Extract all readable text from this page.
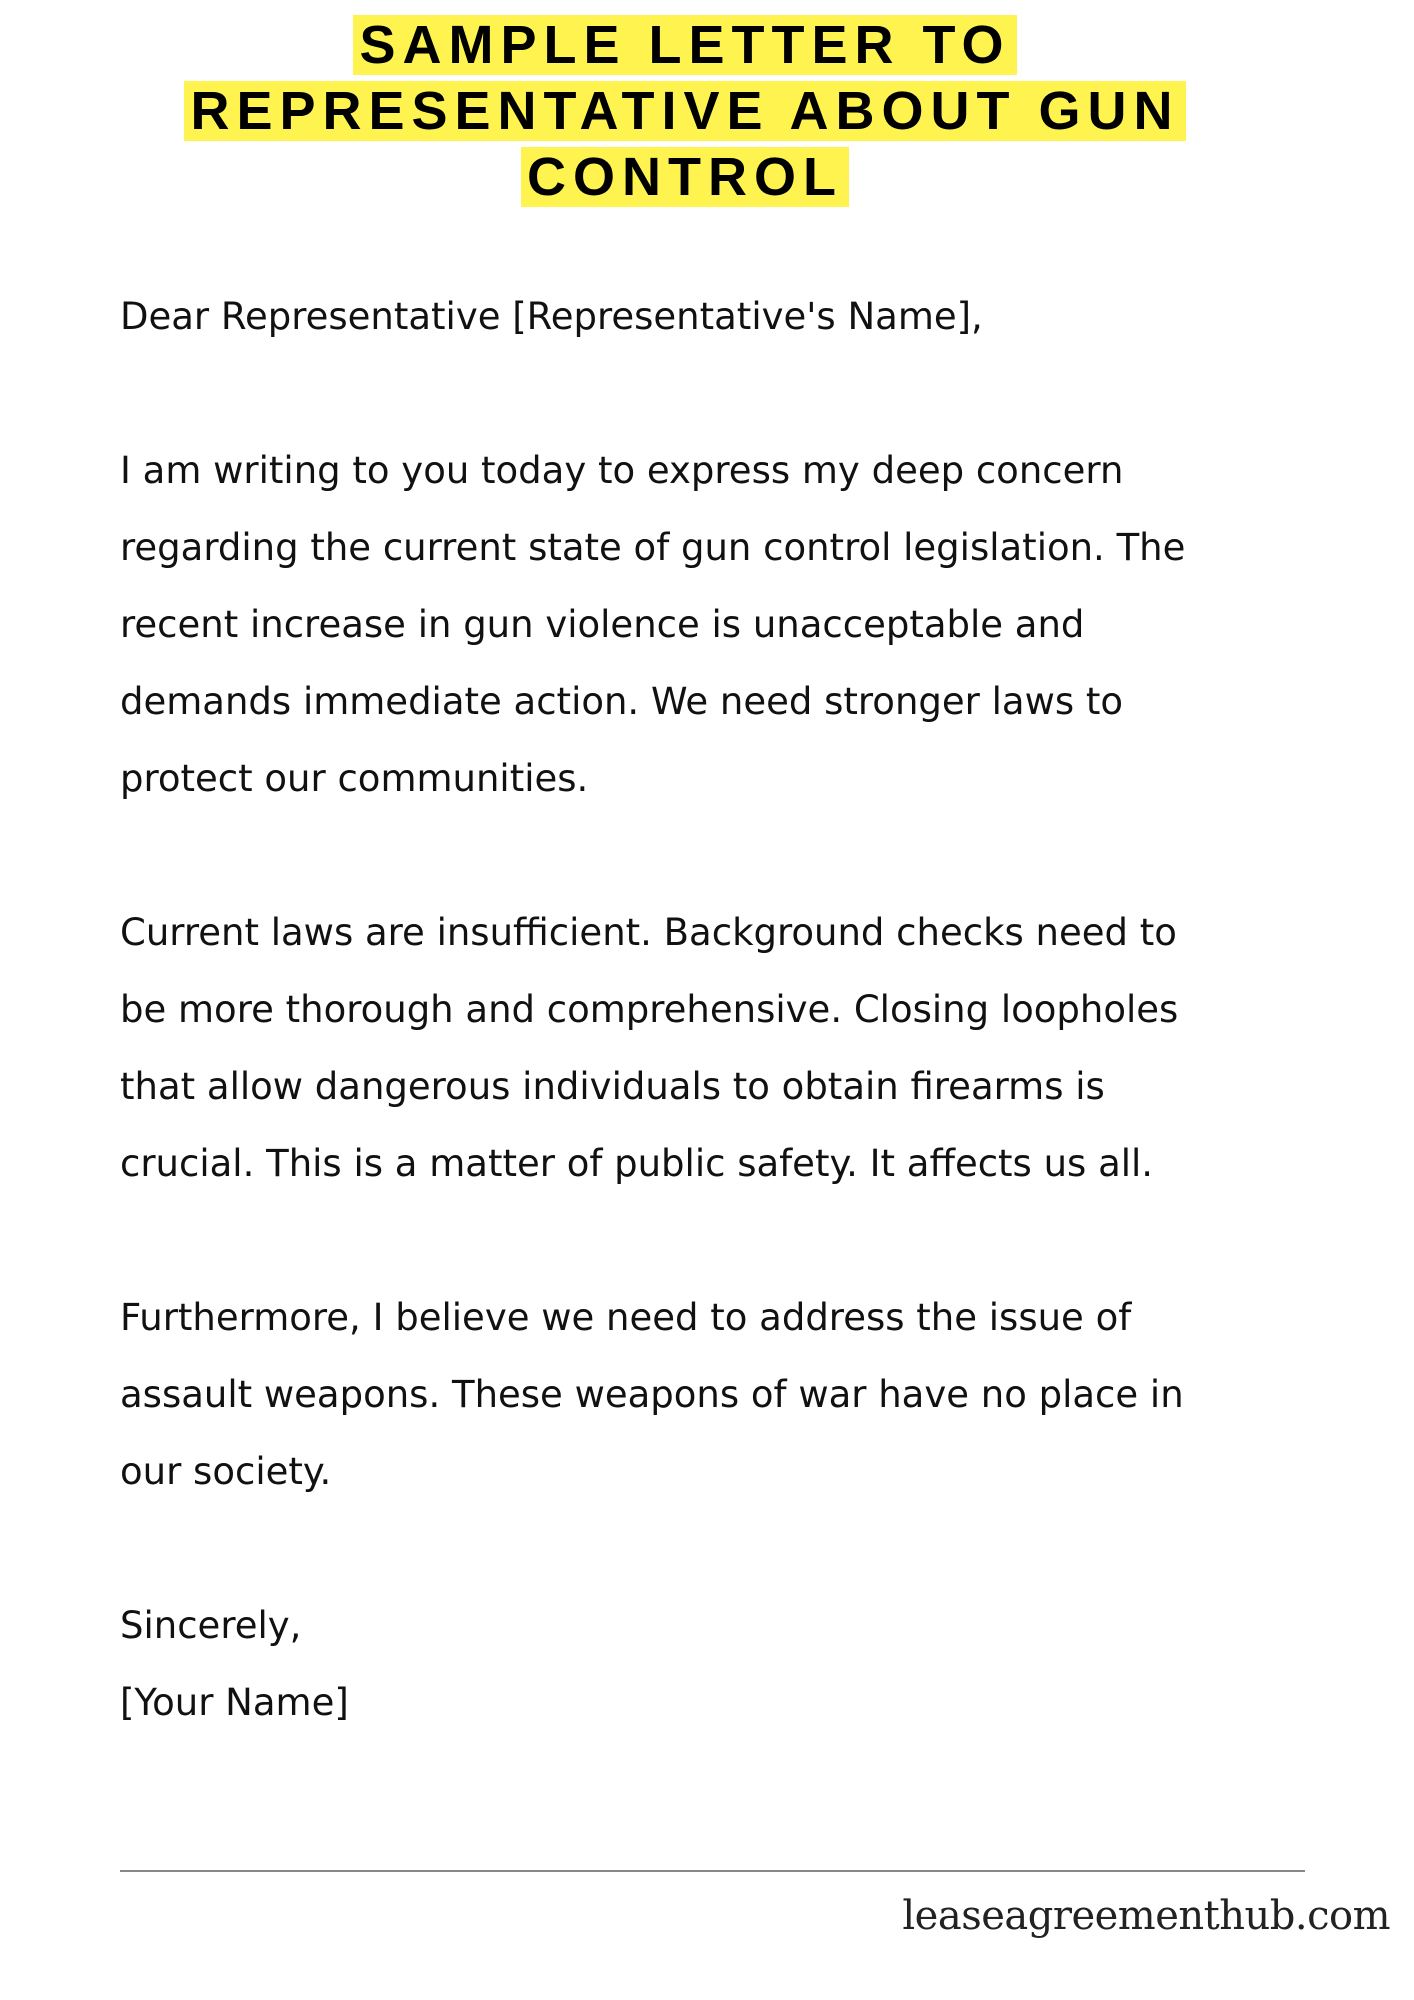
SAMPLE LETTER TO
REPRESENTATIVE ABOUT GUN
CONTROL

Dear Representative [Representative's Name],

I am writing to you today to express my deep concern
regarding the current state of gun control legislation. The
recent increase in gun violence is unacceptable and
demands immediate action. We need stronger laws to
protect our communities.

Current laws are insufficient. Background checks need to
be more thorough and comprehensive. Closing loopholes
that allow dangerous individuals to obtain firearms is
crucial. This is a matter of public safety. It affects us all.

Furthermore, I believe we need to address the issue of
assault weapons. These weapons of war have no place in
our society.

Sincerely,

[Your Name]

leaseagreementhub.com
